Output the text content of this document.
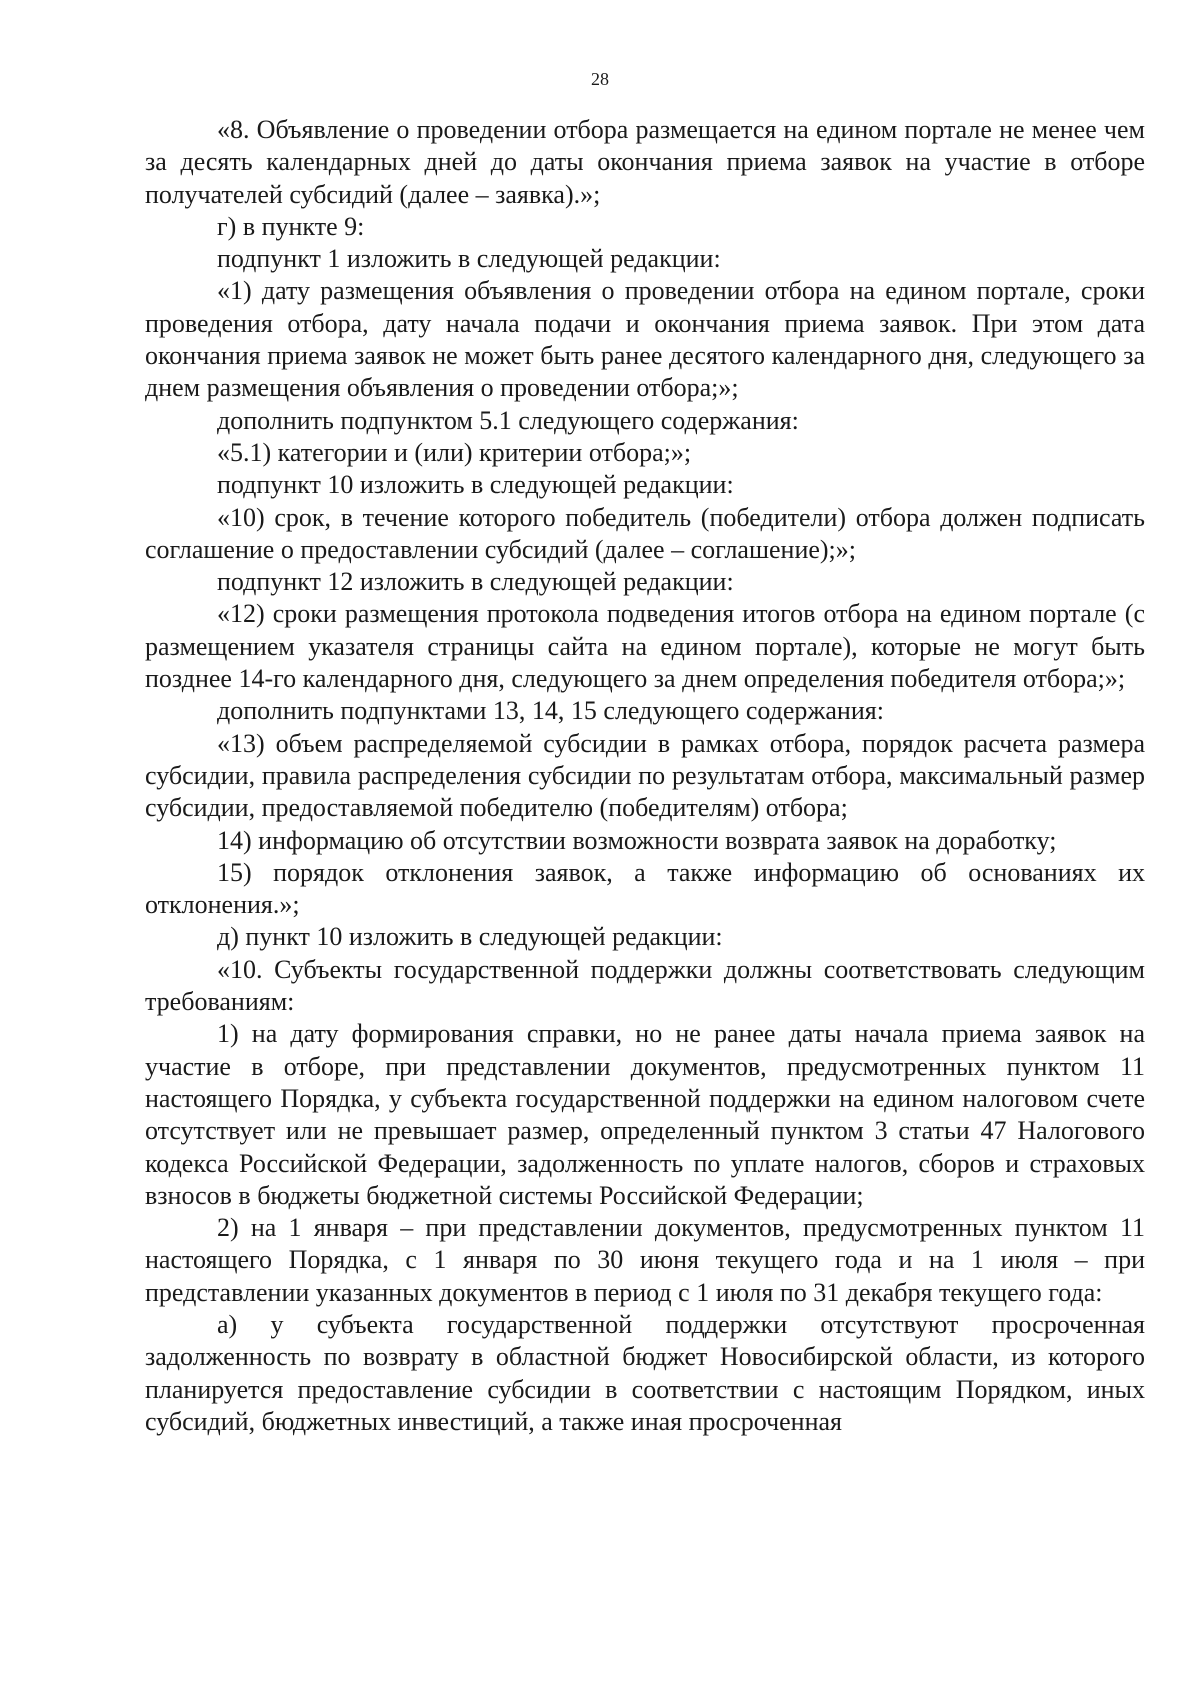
28

«8. Объявление о проведении отбора размещается на едином портале не менее чем за десять календарных дней до даты окончания приема заявок на участие в отборе получателей субсидий (далее – заявка).»;

г) в пункте 9:

подпункт 1 изложить в следующей редакции:

«1) дату размещения объявления о проведении отбора на едином портале, сроки проведения отбора, дату начала подачи и окончания приема заявок. При этом дата окончания приема заявок не может быть ранее десятого календарного дня, следующего за днем размещения объявления о проведении отбора;»;

дополнить подпунктом 5.1 следующего содержания:

«5.1) категории и (или) критерии отбора;»;

подпункт 10 изложить в следующей редакции:

«10) срок, в течение которого победитель (победители) отбора должен подписать соглашение о предоставлении субсидий (далее – соглашение);»;

подпункт 12 изложить в следующей редакции:

«12) сроки размещения протокола подведения итогов отбора на едином портале (с размещением указателя страницы сайта на едином портале), которые не могут быть позднее 14-го календарного дня, следующего за днем определения победителя отбора;»;

дополнить подпунктами 13, 14, 15 следующего содержания:

«13) объем распределяемой субсидии в рамках отбора, порядок расчета размера субсидии, правила распределения субсидии по результатам отбора, максимальный размер субсидии, предоставляемой победителю (победителям) отбора;

14) информацию об отсутствии возможности возврата заявок на доработку;

15) порядок отклонения заявок, а также информацию об основаниях их отклонения.»;

д) пункт 10 изложить в следующей редакции:

«10. Субъекты государственной поддержки должны соответствовать следующим требованиям:

1) на дату формирования справки, но не ранее даты начала приема заявок на участие в отборе, при представлении документов, предусмотренных пунктом 11 настоящего Порядка, у субъекта государственной поддержки на едином налоговом счете отсутствует или не превышает размер, определенный пунктом 3 статьи 47 Налогового кодекса Российской Федерации, задолженность по уплате налогов, сборов и страховых взносов в бюджеты бюджетной системы Российской Федерации;

2) на 1 января – при представлении документов, предусмотренных пунктом 11 настоящего Порядка, с 1 января по 30 июня текущего года и на 1 июля – при представлении указанных документов в период с 1 июля по 31 декабря текущего года:

а) у субъекта государственной поддержки отсутствуют просроченная задолженность по возврату в областной бюджет Новосибирской области, из которого планируется предоставление субсидии в соответствии с настоящим Порядком, иных субсидий, бюджетных инвестиций, а также иная просроченная
